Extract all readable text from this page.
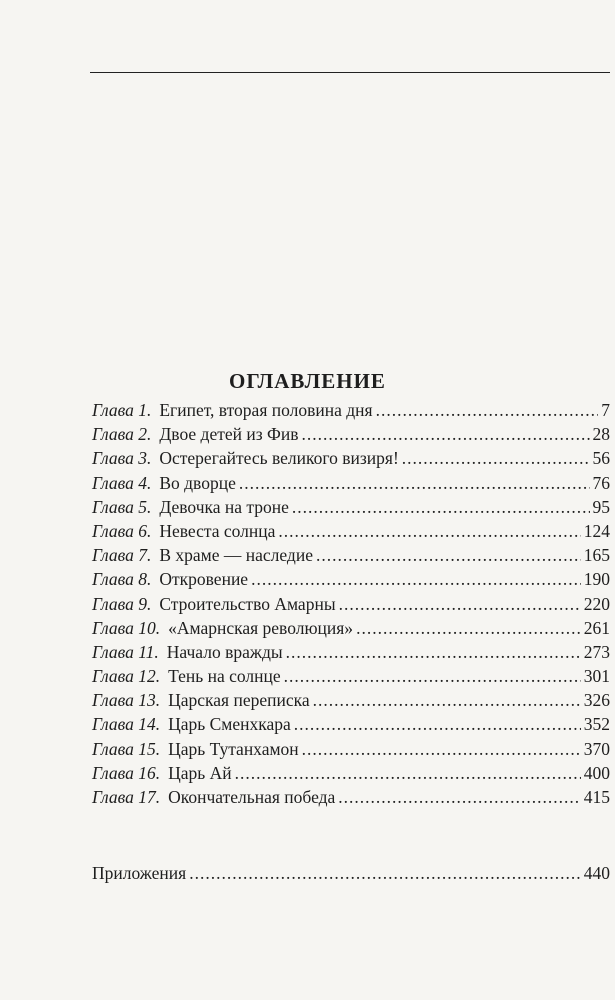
ОГЛАВЛЕНИЕ
Глава 1. Египет, вторая половина дня .....	7
Глава 2. Двое детей из Фив .....	28
Глава 3. Остерегайтесь великого визиря! .....	56
Глава 4. Во дворце .....	76
Глава 5. Девочка на троне .....	95
Глава 6. Невеста солнца .....	124
Глава 7. В храме — наследие .....	165
Глава 8. Откровение .....	190
Глава 9. Строительство Амарны .....	220
Глава 10. «Амарнская революция» .....	261
Глава 11. Начало вражды .....	273
Глава 12. Тень на солнце .....	301
Глава 13. Царская переписка .....	326
Глава 14. Царь Сменхкара .....	352
Глава 15. Царь Тутанхамон .....	370
Глава 16. Царь Ай .....	400
Глава 17. Окончательная победа .....	415
Приложения .....	440
